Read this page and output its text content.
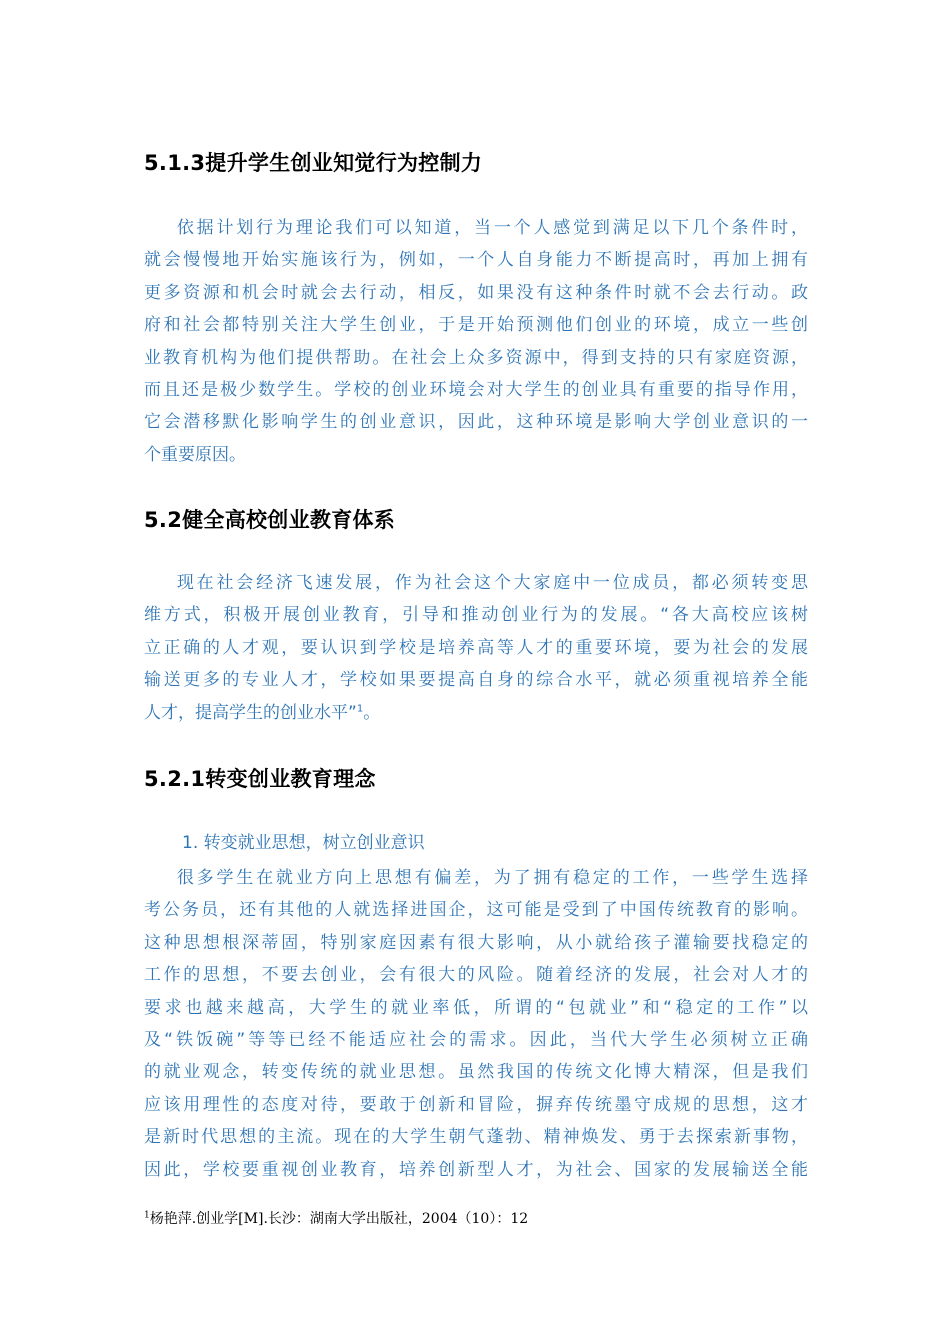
5.1.3提升学生创业知觉行为控制力

依据计划行为理论我们可以知道，当一个人感觉到满足以下几个条件时，
就会慢慢地开始实施该行为，例如，一个人自身能力不断提高时，再加上拥有
更多资源和机会时就会去行动，相反，如果没有这种条件时就不会去行动。政
府和社会都特别关注大学生创业，于是开始预测他们创业的环境，成立一些创
业教育机构为他们提供帮助。在社会上众多资源中，得到支持的只有家庭资源，
而且还是极少数学生。学校的创业环境会对大学生的创业具有重要的指导作用，
它会潜移默化影响学生的创业意识，因此，这种环境是影响大学创业意识的一
个重要原因。

5.2健全高校创业教育体系

现在社会经济飞速发展，作为社会这个大家庭中一位成员，都必须转变思
维方式，积极开展创业教育，引导和推动创业行为的发展。“各大高校应该树
立正确的人才观，要认识到学校是培养高等人才的重要环境，要为社会的发展
输送更多的专业人才，学校如果要提高自身的综合水平，就必须重视培养全能
人才，提高学生的创业水平”$^1$。

5.2.1转变创业教育理念

1. 转变就业思想，树立创业意识

很多学生在就业方向上思想有偏差，为了拥有稳定的工作，一些学生选择
考公务员，还有其他的人就选择进国企，这可能是受到了中国传统教育的影响。
这种思想根深蒂固，特别家庭因素有很大影响，从小就给孩子灌输要找稳定的
工作的思想，不要去创业，会有很大的风险。随着经济的发展，社会对人才的
要求也越来越高，大学生的就业率低，所谓的“包就业”和“稳定的工作”以
及“铁饭碗”等等已经不能适应社会的需求。因此，当代大学生必须树立正确
的就业观念，转变传统的就业思想。虽然我国的传统文化博大精深，但是我们
应该用理性的态度对待，要敢于创新和冒险，摒弃传统墨守成规的思想，这才
是新时代思想的主流。现在的大学生朝气蓬勃、精神焕发、勇于去探索新事物，
因此，学校要重视创业教育，培养创新型人才，为社会、国家的发展输送全能

$^1$杨艳萍.创业学[M].长沙：湖南大学出版社，2004（10）：12
